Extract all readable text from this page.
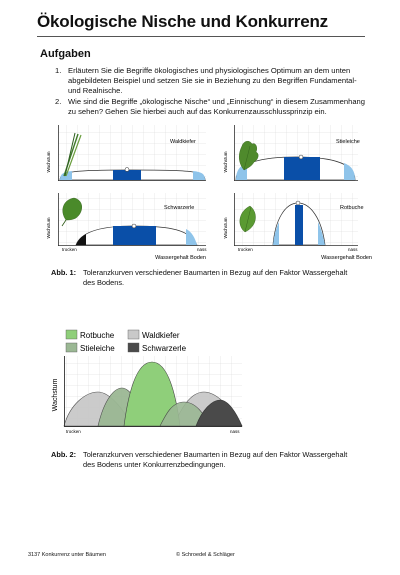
Ökologische Nische und Konkurrenz
Aufgaben
1. Erläutern Sie die Begriffe ökologisches und physiologisches Optimum an dem unten abgebildeten Beispiel und setzen Sie sie in Beziehung zu den Begriffen Fundamental- und Realnische.
2. Wie sind die Begriffe „ökologische Nische“ und „Einnischung“ in diesem Zusammenhang zu sehen? Gehen Sie hierbei auch auf das Konkurrenzausschlussprinzip ein.
Wachstum
Waldkiefer
Wachstum
Stieleiche
Wachstum
Schwarzerle
trocken	nass
Wassergehalt Boden
Wachstum
Rotbuche
trocken	nass
Wassergehalt Boden
Abb. 1: Toleranzkurven verschiedener Baumarten in Bezug auf den Faktor Wassergehalt des Bodens.
Rotbuche	Waldkiefer
Stieleiche	Schwarzerle
Wachstum
trocken	nass
Abb. 2: Toleranzkurven verschiedener Baumarten in Bezug auf den Faktor Wassergehalt des Bodens unter Konkurrenzbedingungen.
3137 Konkurrenz unter Bäumen	© Schroedel & Schläger
